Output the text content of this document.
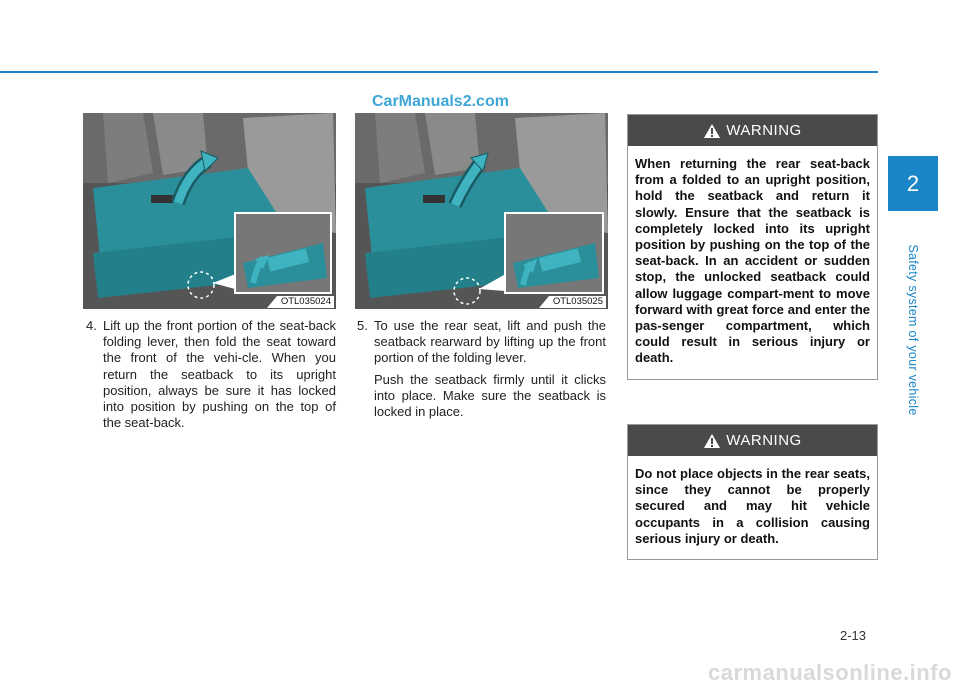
CarManuals2.com
OTL035024	OTL035025
4. Lift up the front portion of the seat-back folding lever, then fold the seat toward the front of the vehi-cle. When you return the seatback to its upright position, always be sure it has locked into position by pushing on the top of the seat-back.

5. To use the rear seat, lift and push the seatback rearward by lifting up the front portion of the folding lever.

Push the seatback firmly until it clicks into place. Make sure the seatback is locked in place.

WARNING
When returning the rear seat-back from a folded to an upright position, hold the seatback and return it slowly. Ensure that the seatback is completely locked into its upright position by pushing on the top of the seat-back. In an accident or sudden stop, the unlocked seatback could allow luggage compart-ment to move forward with great force and enter the pas-senger compartment, which could result in serious injury or death.
WARNING
Do not place objects in the rear seats, since they cannot be properly secured and may hit vehicle occupants in a collision causing serious injury or death.
2
Safety system of your vehicle
2-13
carmanualsonline.info
